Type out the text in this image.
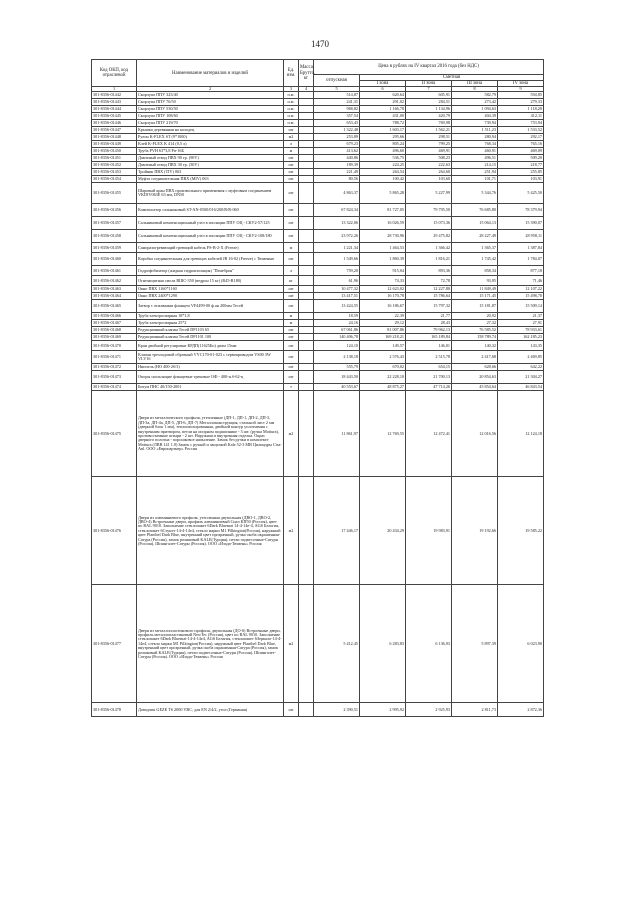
1470
Код ОКП, код отраслевой	Наименование материалов и изделий	Ед. изм.	Масса Брутто, кг	Цена в рублях на IV квартал 2016 года (без НДС)				
				отпускная	Сметная			
					I зона	II зона	III зона	IV зона
1	2	3	4	5	6	7	8	9
301-8356-01442	Скорлупа ППУ 325/40	п.м.		514,87	620,64	605,91	582,79	594,85
301-8356-01443	Скорлупа ППУ 76/50	п.м.		241,31	291,02	284,51	273,42	279,33
301-8356-01444	Скорлупа ППУ 530/50	п.м.		968,82	1 166,78	1 134,96	1 094,63	1 118,28
301-8356-01445	Скорлупа ППУ 108/60	п.м.		357,54	431,00	420,79	404,39	412,11
301-8356-01446	Скорлупа ППУ 219/70	п.м.		653,43	788,72	769,98	739,94	753,94
301-8356-01447	Крышка деревянная на колодец	шт		1 322,48	1 603,17	1 562,21	1 511,23	1 533,52
301-8356-01448	Рулон K-FLEX ST (9*1000)	м2		253,89	295,66	298,51	280,94	292,17
301-8356-01449	Клей K-FLEX K 414 (0,5 л)	л		679,23	805,24	799,25	768,34	765,16
301-8356-01450	Труба PVH 63*3,8 Pn-16Б	м		413,62	496,60	469,91	460,91	469,09
301-8356-01451	Давленый отвод ПВХ 90 гр. (90V)	шт		440,86	536,75	508,23	496,51	509,20
301-8356-01452	Давленый отвод ПВХ 30 гр. (30V)	шт		189,39	224,25	222,63	214,15	218,77
301-8356-01453	Тройник ПВХ (TIV) 063	шт		221,49	264,54	264,60	251,94	255,85
301-8356-01454	Муфта соединительная ПВХ (MIV) 063	шт		80,56	100,42	103,60	101,71	103,91
301-8356-01455	Шаровый кран ПВХ произвольного применения с муфтовым соединением VKDIV063E 63 мм, DN50	шт		4 863,37	5 865,28	5 227,99	5 344,76	5 425,50
301-8356-01456	Компенсатор сальниковый ST-AN-0500/016/200/R/R-060	шт		67 824,34	81 727,05	79 795,50	76 685,80	78 379,94
301-8356-01457	Сальниковый компенсационный узел в изоляции ППУ ОЦ - СКУ2-57/125	шт		13 322,06	16 026,59	15 073,36	15 064,13	15 390,07
301-8356-01458	Сальниковый компенсационный узел в изоляции ППУ ОЦ - СКУ2-108/180	шт		23 972,26	28 730,96	29 475,82	28 227,49	28 958,11
301-8356-01459	Саморазогревающий греющий кабель FS-B-2-X (Freeze)	м		1 221,34	1 464,53	1 366,42	1 365,37	1 387,84
301-8356-01460	Коробка соединительная для греющих кабелей JB 16-02 (Freeze) с Тюменью	шт		1 549,66	1 860,39	1 816,21	1 745,42	1 784,07
301-8356-01461	Гидрофобизатор (жидкая гидроизоляция) "Пенеброн"	л		759,20	915,04	893,36	858,34	877,18
301-8356-01462	Огнезащитная смола ВШС-350 (ведрон 15 кг) (R45-R180)	кг		61,96	74,33	72,78	93,95	71,46
301-8356-01463	Окно ПВХ 1160*1160	шт		10 477,32	12 623,02	12 227,80	11 849,49	12 107,22
301-8356-01464	Окно ПВХ 2400*1290	шт		13 417,51	16 170,78	15 786,64	15 171,45	15 498,70
301-8356-01465	Затвор с отжимным фланцем VF4499-00 ф.ан 200мм Тесей	шт		13 424,55	16 186,67	15 797,32	15 181,87	15 509,14
301-8356-01466	Труба электросварная 18*1,8	м		18,59	22,39	21,77	20,92	21,37
301-8356-01467	Труба электросварная 25*2	м		24,16	29,12	28,43	27,32	27,91
301-8356-01468	Редукционный клапан Тесей DP1103 65	шт		67 061,86	81 007,86	79 962,13	76 585,52	78 933,61
301-8356-01469	Редукционный клапан Тесей DP1101 100	шт		140 406,78	169 218,21	165 189,84	158 789,74	162 185,23
301-8356-01470	Кран двойной регулировки КРДП(11625Бп) диам 15мм	шт		124,10	149,57	146,01	140,32	143,35
301-8356-01471	Клапан трехходовой обратный VYC170-01-023 с сервоприводом VS00 3W VLV16	шт		2 138,18	2 576,43	2 515,78	2 417,68	2 469,85
301-8356-01472	Ниппель (НО 400-2б/3)	шт		555,79	670,02	654,15	628,66	642,22
301-8356-01473	Опоры скользящие фланцевые трековые ОФ - 400-н.б-62-ц	шт		18 443,50	22 228,10	21 700,13	20 854,63	21 304,27
301-8356-01474	Битум ПНС 40/150-2001	т		40 553,67	48 875,27	47 714,26	45 854,64	46 843,54
301-8356-01475	Двери из металлического профиля, утепленные (ДП-1, ДП-1, ДП-2, ДП-3, ДП-3а, ДП-4а, ДП-5, ДП-6, ДП-7) Металлоконструкция, стальной лист 2 мм (дверной блок 1 мм), теплоизолированная, двойной контур уплотнения с внутренним притвором, петли на опорном подшипнике - 3 шт. (ручка Mottura), противосъемные штыри - 2 шт. Наружная и внутренняя отделка. Окрас дверного полотна - порошковое напыление. Замок без ручки в комплекте Mottura (ЛВВ 141 1.0) Замок с ручкой и защелкой Kale 52-3 МВ Цилиндры Cisa-Anl. ООО «Европартнер» Россия	м2		11 861,97	12 769,55	12 472,41	12 016,56	12 124,18
301-8356-01476	Двери из алюминиевого профиля, утепленная двупольная (ДВО-1, ДВО-2, ДВО-4) Встроенные двери, профиль алюминиевый Сиал КП50 (Россия), цвет по RAL 9010. Заполнение стеклопакет 6Dark Bluemat 14-4-14e-4, AGS Бельгия, стеклопакет 6Стунтэ-14-4-14e4, стекло марки М1 Pilkington(Россия), наружный цвет Planibel Dark Blue, внутренний цвет прозрачный, ручка скоба окрашенная-Сатура (Россия), замок роликовый KALE(Турция), петли подвесочные-Сатурн (Россия), Шпингалет-Сатурн (Россия). ООО «Изада-Тюмень» Россия	м2		17 446,17	20 434,29	19 983,91	19 192,66	19 585,22
301-8356-01477	Двери из металлопластикового профиля, двупольная (ДО-6) Встроенные двери, профиль металлопластиковый NewTec (Россия), цвет по RAL 9010. Заполнение стеклопакет 6Dark Bluemat-14-4-14e4, AGS Бельгия, стеклопакет 6Зеркало-14-4-14e4, стекло марки М1 Pilkington(Россия), наружный цвет Planibel Dark Blue, внутренний цвет прозрачный, ручка скоба окрашенная-Сатура (Россия), замок роликовый KALE(Турция), петли подвесочные-Сатурн (Россия), Шпингалет-Сатурн (Россия). ООО «Изада-Тюмень» Россия	м2		5 412,45	6 283,83	6 136,93	5 897,39	6 023,90
301-8356-01478	Доводчик GEZE TS 2000 VBC, для EN 2/4/2, угол (Германия)	шт		2 390,51	2 995,92	2 925,93	2 811,73	2 872,36
